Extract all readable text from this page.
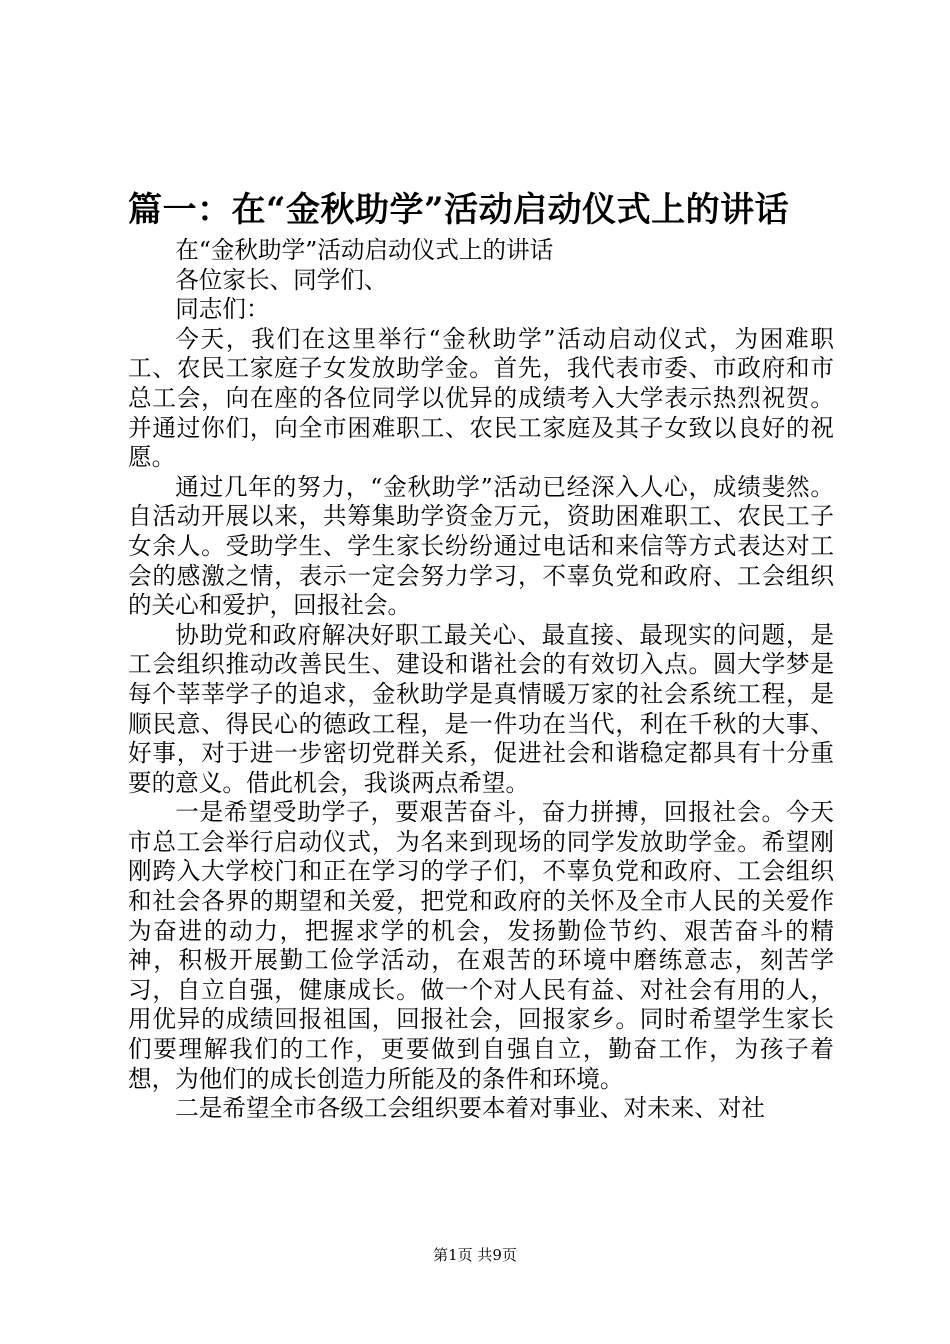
篇一：在“金秋助学”活动启动仪式上的讲话

在“金秋助学”活动启动仪式上的讲话

各位家长、同学们、

同志们：

今天，我们在这里举行“金秋助学”活动启动仪式，为困难职工、农民工家庭子女发放助学金。首先，我代表市委、市政府和市总工会，向在座的各位同学以优异的成绩考入大学表示热烈祝贺。并通过你们，向全市困难职工、农民工家庭及其子女致以良好的祝愿。

通过几年的努力，“金秋助学”活动已经深入人心，成绩斐然。自活动开展以来，共筹集助学资金万元，资助困难职工、农民工子女余人。受助学生、学生家长纷纷通过电话和来信等方式表达对工会的感激之情，表示一定会努力学习，不辜负党和政府、工会组织的关心和爱护，回报社会。

协助党和政府解决好职工最关心、最直接、最现实的问题，是工会组织推动改善民生、建设和谐社会的有效切入点。圆大学梦是每个莘莘学子的追求，金秋助学是真情暖万家的社会系统工程，是顺民意、得民心的德政工程，是一件功在当代，利在千秋的大事、好事，对于进一步密切党群关系，促进社会和谐稳定都具有十分重要的意义。借此机会，我谈两点希望。

一是希望受助学子，要艰苦奋斗，奋力拼搏，回报社会。今天市总工会举行启动仪式，为名来到现场的同学发放助学金。希望刚刚跨入大学校门和正在学习的学子们，不辜负党和政府、工会组织和社会各界的期望和关爱，把党和政府的关怀及全市人民的关爱作为奋进的动力，把握求学的机会，发扬勤俭节约、艰苦奋斗的精神，积极开展勤工俭学活动，在艰苦的环境中磨练意志，刻苦学习，自立自强，健康成长。做一个对人民有益、对社会有用的人，用优异的成绩回报祖国，回报社会，回报家乡。同时希望学生家长们要理解我们的工作，更要做到自强自立，勤奋工作，为孩子着想，为他们的成长创造力所能及的条件和环境。

二是希望全市各级工会组织要本着对事业、对未来、对社

第1页 共9页
